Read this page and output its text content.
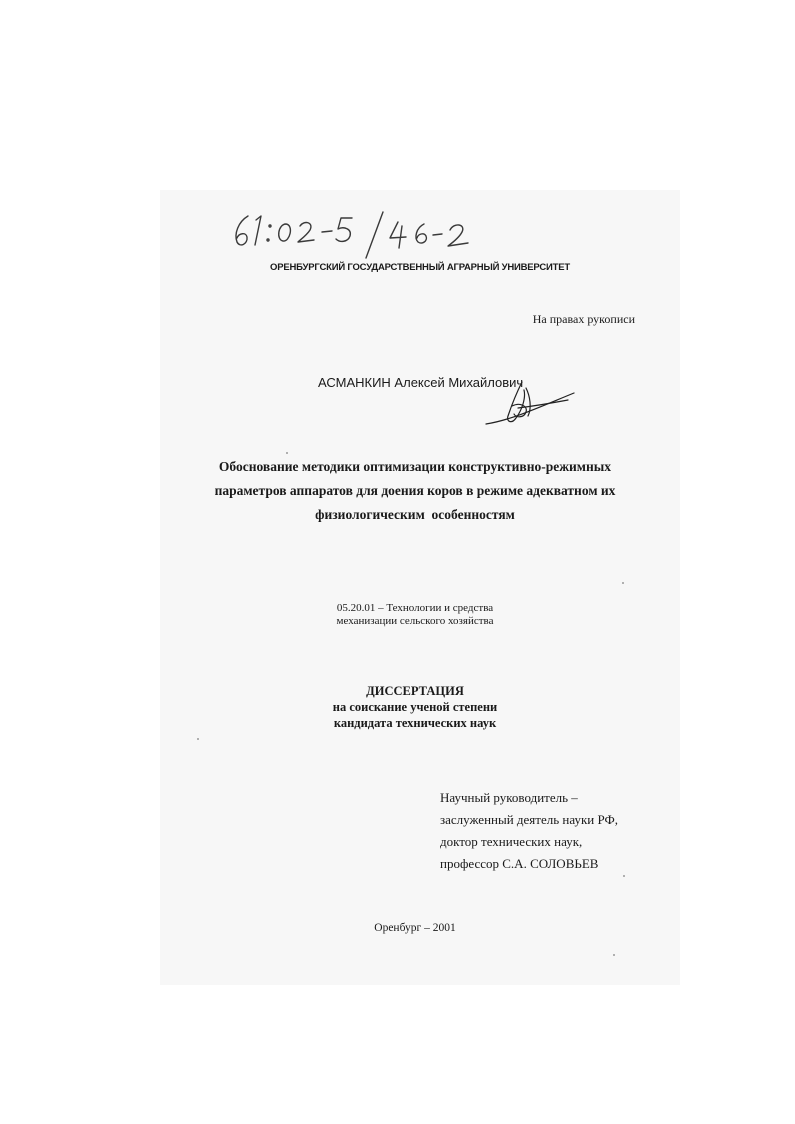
ОРЕНБУРГСКИЙ ГОСУДАРСТВЕННЫЙ АГРАРНЫЙ УНИВЕРСИТЕТ
На правах рукописи
АСМАНКИН Алексей Михайлович
Обоснование методики оптимизации конструктивно-режимных
параметров аппаратов для доения коров в режиме адекватном их
физиологическим  особенностям
05.20.01 – Технологии и средства
механизации сельского хозяйства
ДИССЕРТАЦИЯ
на соискание ученой степени
кандидата технических наук
Научный руководитель –
заслуженный деятель науки РФ,
доктор технических наук,
профессор С.А. СОЛОВЬЕВ
Оренбург – 2001
